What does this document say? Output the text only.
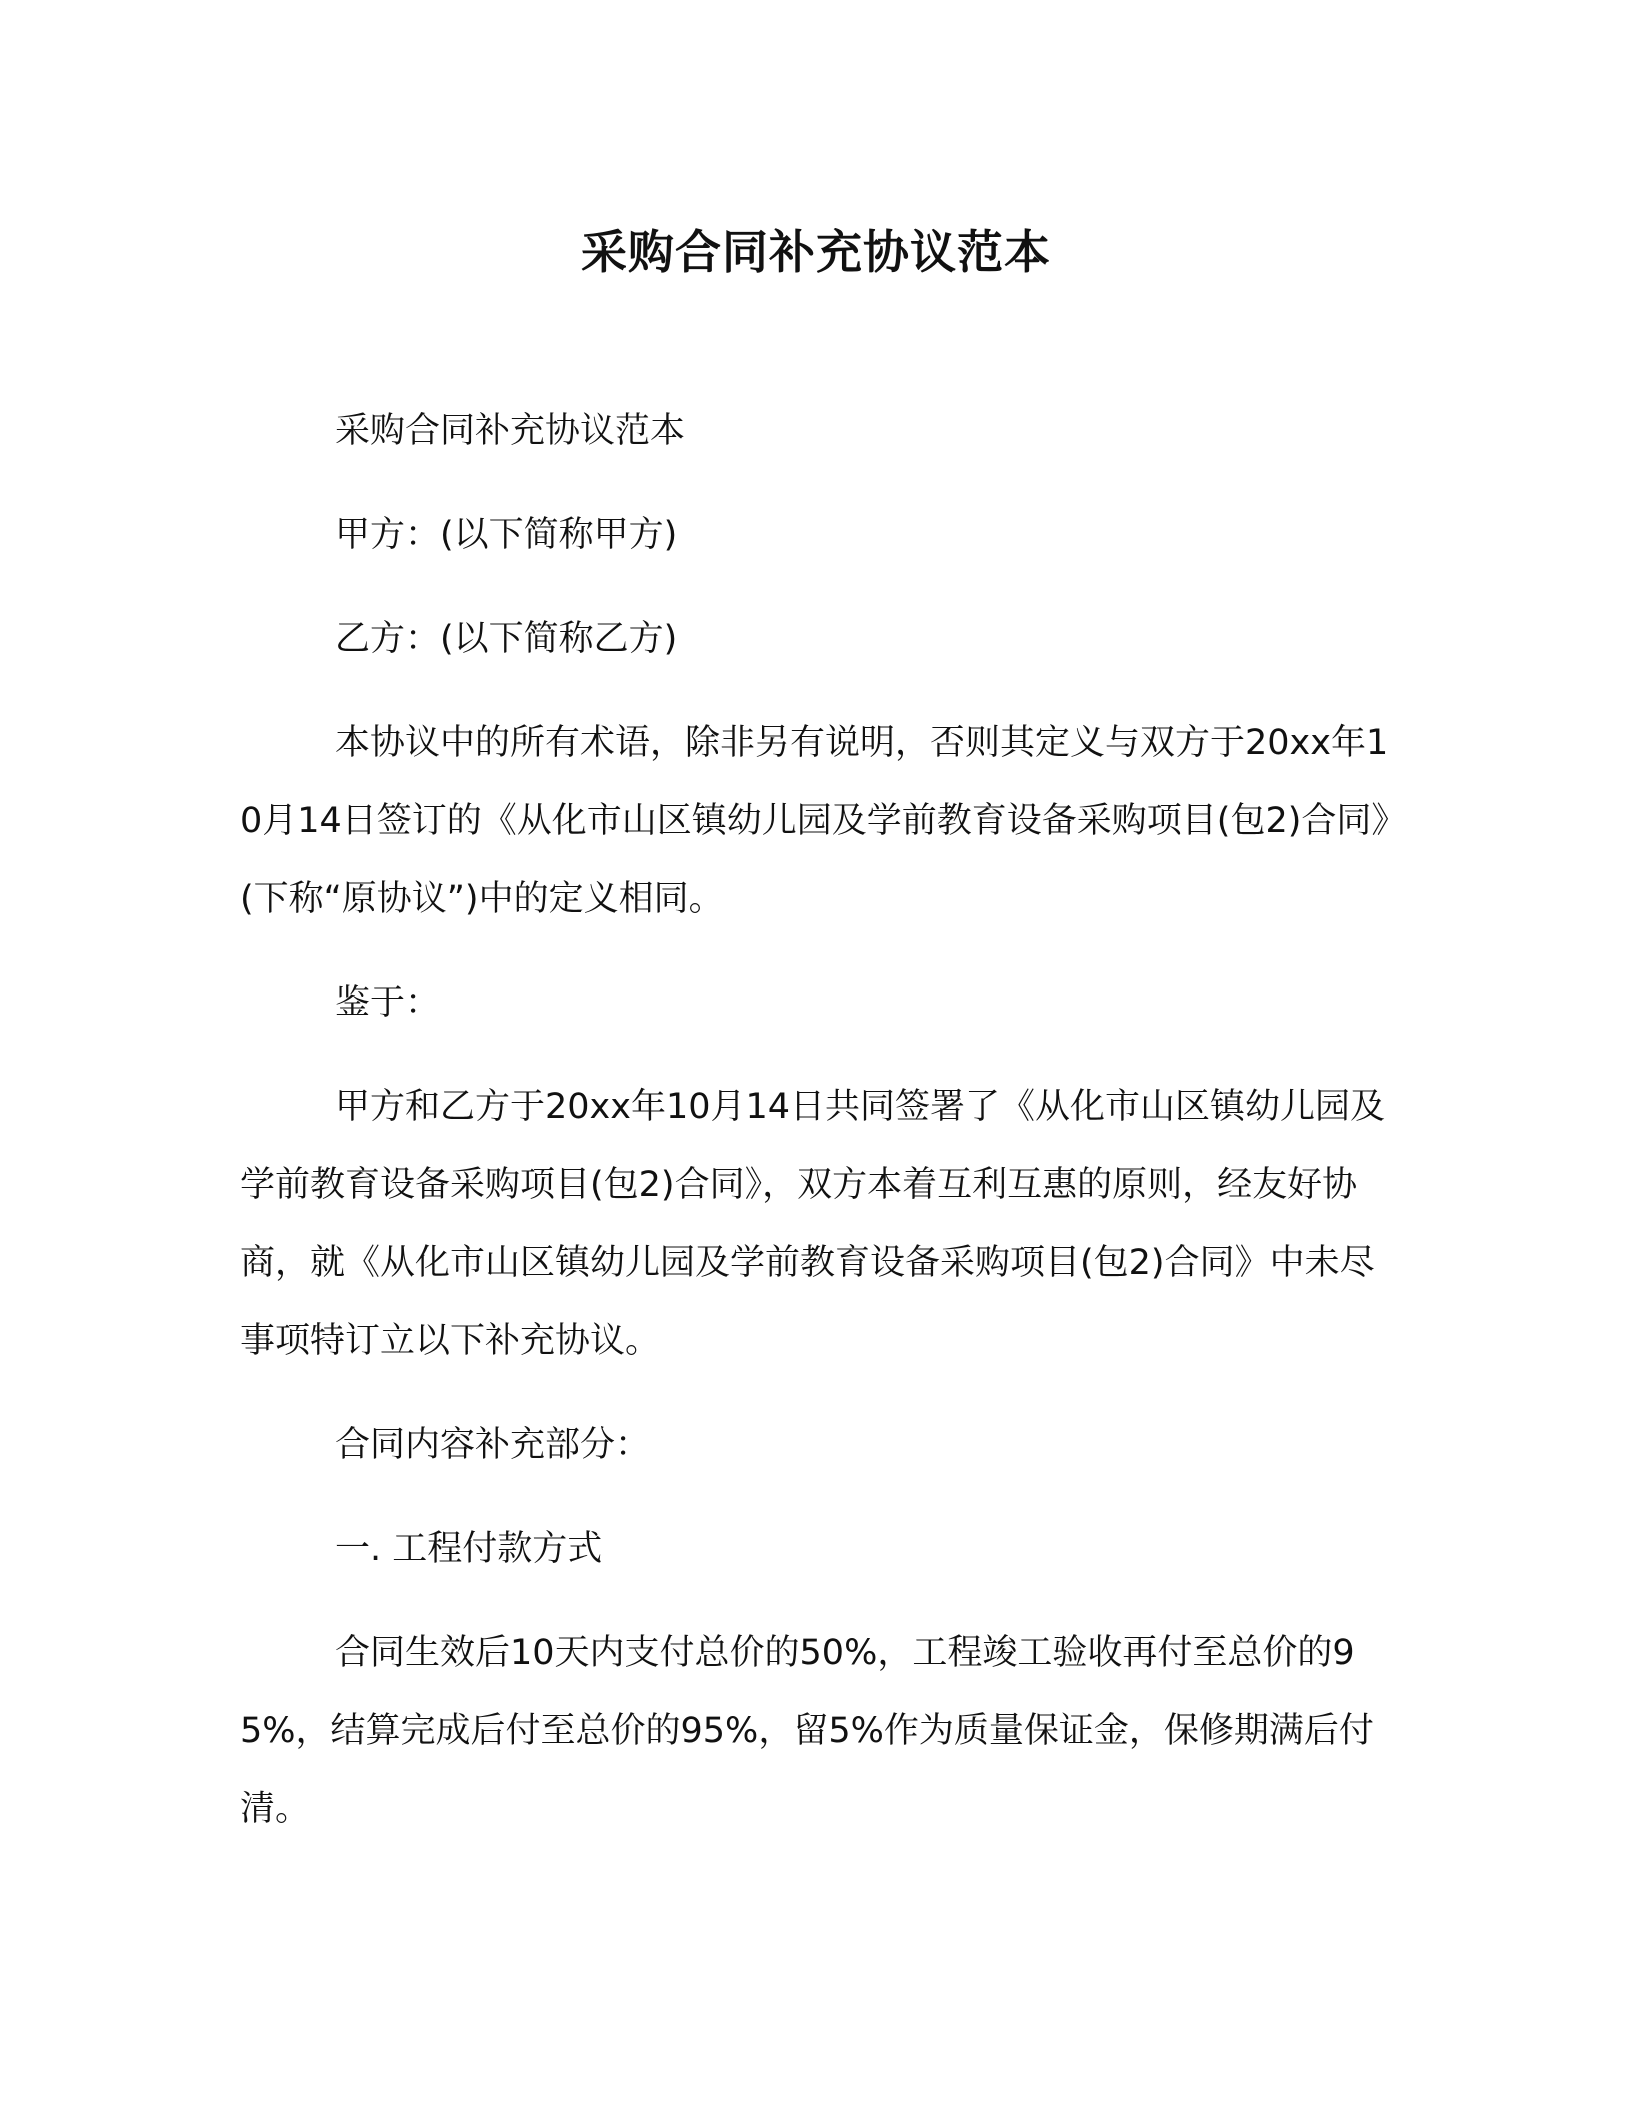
采购合同补充协议范本

采购合同补充协议范本

甲方：(以下简称甲方)

乙方：(以下简称乙方)

本协议中的所有术语，除非另有说明，否则其定义与双方于20xx年10月14日签订的《从化市山区镇幼儿园及学前教育设备采购项目(包2)合同》(下称“原协议”)中的定义相同。

鉴于：

甲方和乙方于20xx年10月14日共同签署了《从化市山区镇幼儿园及学前教育设备采购项目(包2)合同》，双方本着互利互惠的原则，经友好协商，就《从化市山区镇幼儿园及学前教育设备采购项目(包2)合同》中未尽事项特订立以下补充协议。

合同内容补充部分：

一. 工程付款方式

合同生效后10天内支付总价的50%，工程竣工验收再付至总价的95%，结算完成后付至总价的95%，留5%作为质量保证金，保修期满后付清。
